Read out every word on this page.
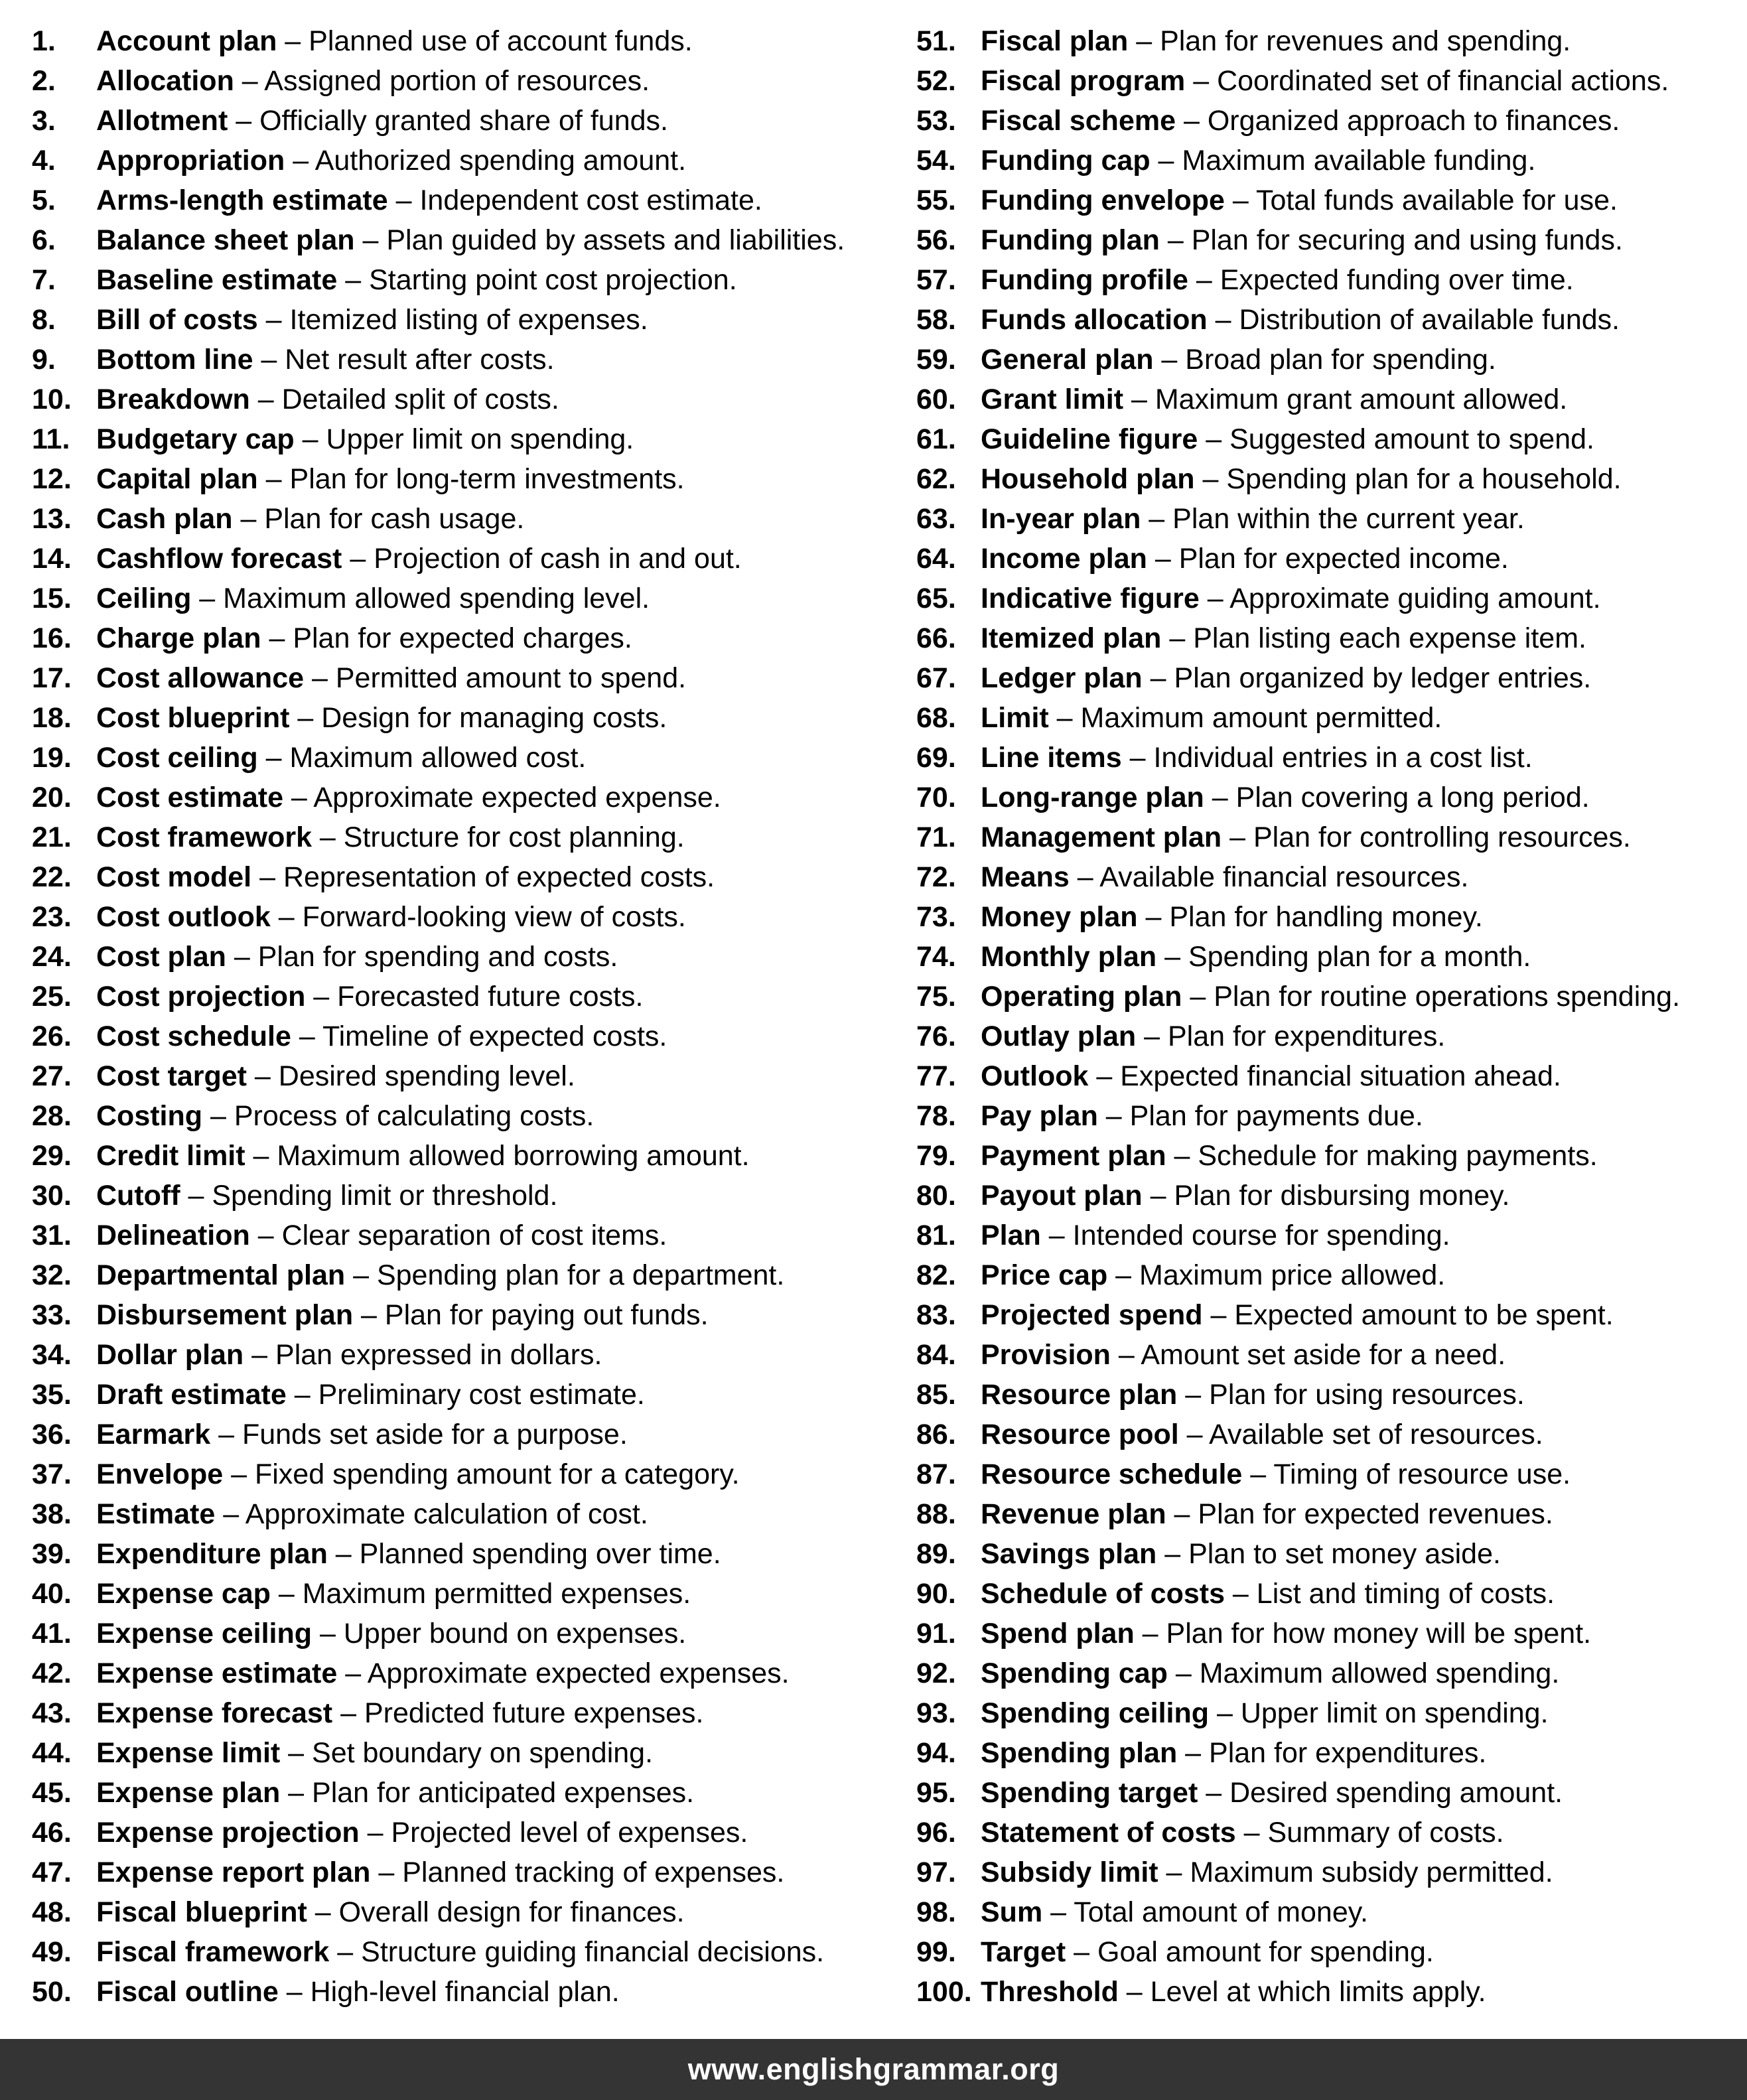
1.	Account plan – Planned use of account funds.
2.	Allocation – Assigned portion of resources.
3.	Allotment – Officially granted share of funds.
4.	Appropriation – Authorized spending amount.
5.	Arms-length estimate – Independent cost estimate.
6.	Balance sheet plan – Plan guided by assets and liabilities.
7.	Baseline estimate – Starting point cost projection.
8.	Bill of costs – Itemized listing of expenses.
9.	Bottom line – Net result after costs.
10. Breakdown – Detailed split of costs.
11. Budgetary cap – Upper limit on spending.
12. Capital plan – Plan for long-term investments.
13. Cash plan – Plan for cash usage.
14. Cashflow forecast – Projection of cash in and out.
15. Ceiling – Maximum allowed spending level.
16. Charge plan – Plan for expected charges.
17. Cost allowance – Permitted amount to spend.
18. Cost blueprint – Design for managing costs.
19. Cost ceiling – Maximum allowed cost.
20. Cost estimate – Approximate expected expense.
21. Cost framework – Structure for cost planning.
22. Cost model – Representation of expected costs.
23. Cost outlook – Forward-looking view of costs.
24. Cost plan – Plan for spending and costs.
25. Cost projection – Forecasted future costs.
26. Cost schedule – Timeline of expected costs.
27. Cost target – Desired spending level.
28. Costing – Process of calculating costs.
29. Credit limit – Maximum allowed borrowing amount.
30. Cutoff – Spending limit or threshold.
31. Delineation – Clear separation of cost items.
32. Departmental plan – Spending plan for a department.
33. Disbursement plan – Plan for paying out funds.
34. Dollar plan – Plan expressed in dollars.
35. Draft estimate – Preliminary cost estimate.
36. Earmark – Funds set aside for a purpose.
37. Envelope – Fixed spending amount for a category.
38. Estimate – Approximate calculation of cost.
39. Expenditure plan – Planned spending over time.
40. Expense cap – Maximum permitted expenses.
41. Expense ceiling – Upper bound on expenses.
42. Expense estimate – Approximate expected expenses.
43. Expense forecast – Predicted future expenses.
44. Expense limit – Set boundary on spending.
45. Expense plan – Plan for anticipated expenses.
46. Expense projection – Projected level of expenses.
47. Expense report plan – Planned tracking of expenses.
48. Fiscal blueprint – Overall design for finances.
49. Fiscal framework – Structure guiding financial decisions.
50. Fiscal outline – High-level financial plan.
51. Fiscal plan – Plan for revenues and spending.
52. Fiscal program – Coordinated set of financial actions.
53. Fiscal scheme – Organized approach to finances.
54. Funding cap – Maximum available funding.
55. Funding envelope – Total funds available for use.
56. Funding plan – Plan for securing and using funds.
57. Funding profile – Expected funding over time.
58. Funds allocation – Distribution of available funds.
59. General plan – Broad plan for spending.
60. Grant limit – Maximum grant amount allowed.
61. Guideline figure – Suggested amount to spend.
62. Household plan – Spending plan for a household.
63. In-year plan – Plan within the current year.
64. Income plan – Plan for expected income.
65. Indicative figure – Approximate guiding amount.
66. Itemized plan – Plan listing each expense item.
67. Ledger plan – Plan organized by ledger entries.
68. Limit – Maximum amount permitted.
69. Line items – Individual entries in a cost list.
70. Long-range plan – Plan covering a long period.
71. Management plan – Plan for controlling resources.
72. Means – Available financial resources.
73. Money plan – Plan for handling money.
74. Monthly plan – Spending plan for a month.
75. Operating plan – Plan for routine operations spending.
76. Outlay plan – Plan for expenditures.
77. Outlook – Expected financial situation ahead.
78. Pay plan – Plan for payments due.
79. Payment plan – Schedule for making payments.
80. Payout plan – Plan for disbursing money.
81. Plan – Intended course for spending.
82. Price cap – Maximum price allowed.
83. Projected spend – Expected amount to be spent.
84. Provision – Amount set aside for a need.
85. Resource plan – Plan for using resources.
86. Resource pool – Available set of resources.
87. Resource schedule – Timing of resource use.
88. Revenue plan – Plan for expected revenues.
89. Savings plan – Plan to set money aside.
90. Schedule of costs – List and timing of costs.
91. Spend plan – Plan for how money will be spent.
92. Spending cap – Maximum allowed spending.
93. Spending ceiling – Upper limit on spending.
94. Spending plan – Plan for expenditures.
95. Spending target – Desired spending amount.
96. Statement of costs – Summary of costs.
97. Subsidy limit – Maximum subsidy permitted.
98. Sum – Total amount of money.
99. Target – Goal amount for spending.
100. Threshold – Level at which limits apply.
www.englishgrammar.org
